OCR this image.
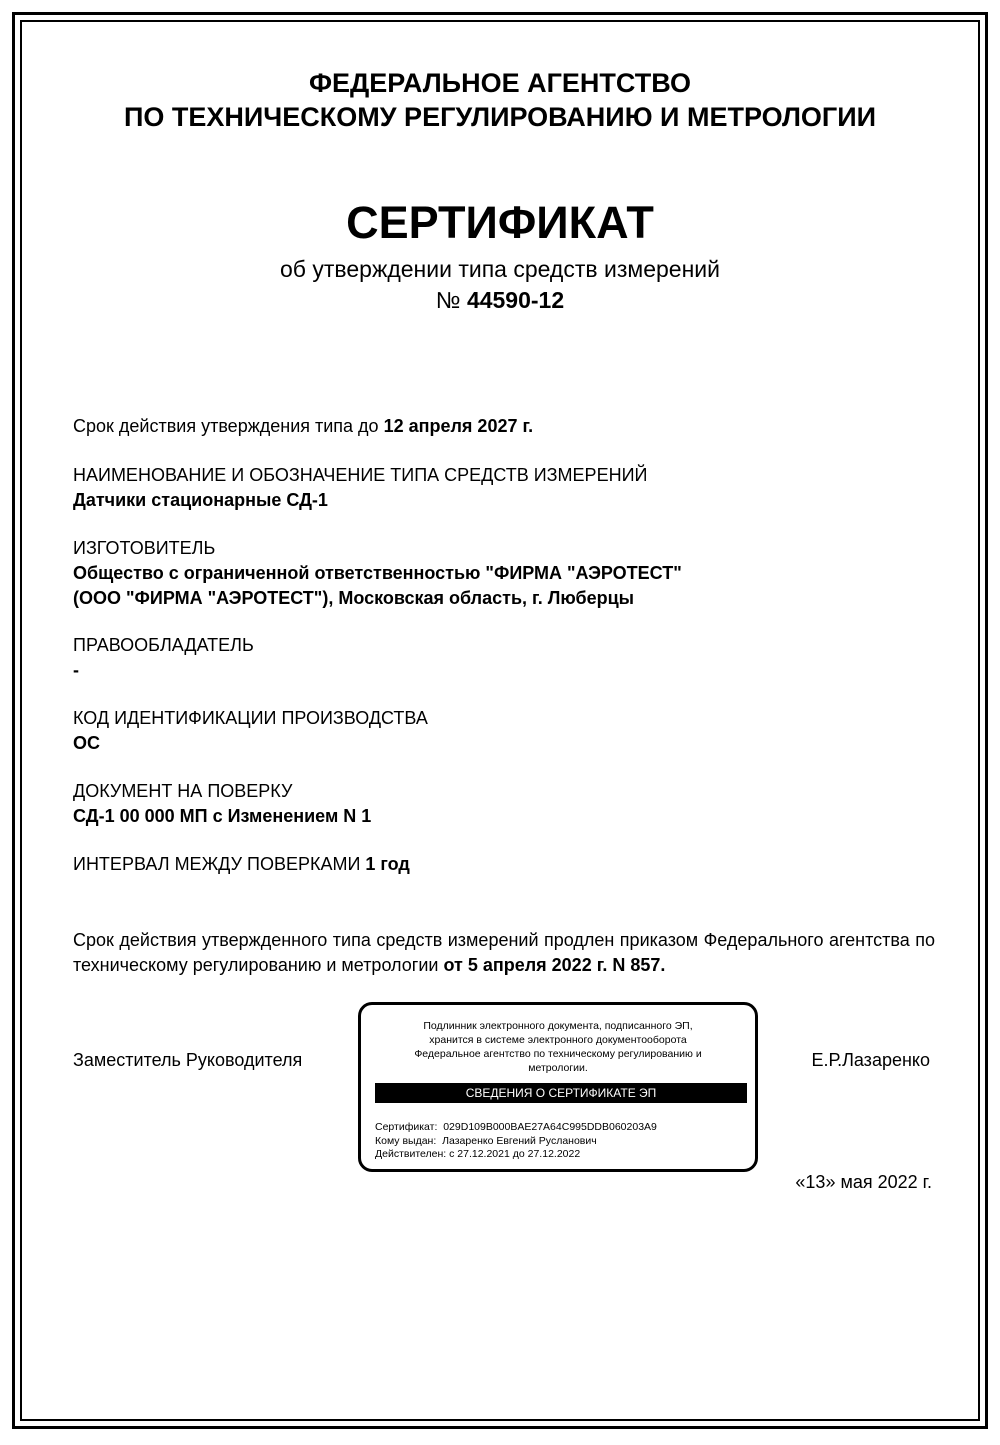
ФЕДЕРАЛЬНОЕ АГЕНТСТВО
ПО ТЕХНИЧЕСКОМУ РЕГУЛИРОВАНИЮ И МЕТРОЛОГИИ
СЕРТИФИКАТ
об утверждении типа средств измерений
№ 44590-12
Срок действия утверждения типа до 12 апреля 2027 г.
НАИМЕНОВАНИЕ И ОБОЗНАЧЕНИЕ ТИПА СРЕДСТВ ИЗМЕРЕНИЙ
Датчики стационарные СД-1
ИЗГОТОВИТЕЛЬ
Общество с ограниченной ответственностью "ФИРМА "АЭРОТЕСТ"
(ООО "ФИРМА "АЭРОТЕСТ"), Московская область, г. Люберцы
ПРАВООБЛАДАТЕЛЬ
-
КОД ИДЕНТИФИКАЦИИ ПРОИЗВОДСТВА
ОС
ДОКУМЕНТ НА ПОВЕРКУ
СД-1 00 000 МП с Изменением N 1
ИНТЕРВАЛ МЕЖДУ ПОВЕРКАМИ 1 год
Срок действия утвержденного типа средств измерений продлен приказом Федерального агентства по техническому регулированию и метрологии от 5 апреля 2022 г. N 857.
Заместитель Руководителя
Подлинник электронного документа, подписанного ЭП,
хранится в системе электронного документооборота
Федеральное агентство по техническому регулированию и
метрологии.
СВЕДЕНИЯ О СЕРТИФИКАТЕ ЭП
Сертификат: 029D109B000BAE27A64C995DDB060203A9
Кому выдан: Лазаренко Евгений Русланович
Действителен: с 27.12.2021 до 27.12.2022
Е.Р.Лазаренко
«13» мая 2022 г.
